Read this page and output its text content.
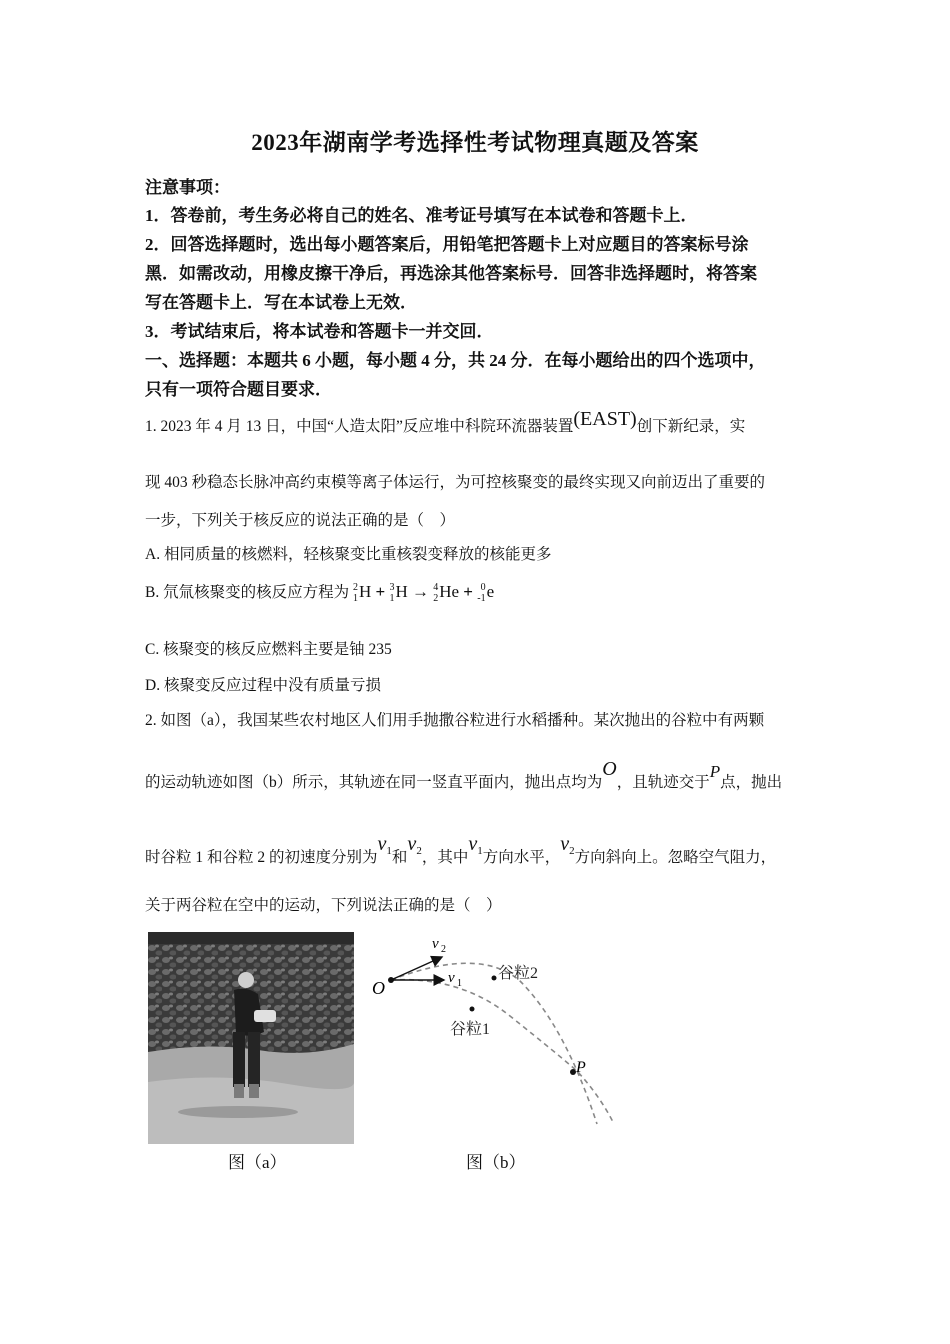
2023年湖南学考选择性考试物理真题及答案
注意事项：
1．答卷前，考生务必将自己的姓名、准考证号填写在本试卷和答题卡上．
2．回答选择题时，选出每小题答案后，用铅笔把答题卡上对应题目的答案标号涂
黑．如需改动，用橡皮擦干净后，再选涂其他答案标号．回答非选择题时，将答案
写在答题卡上．写在本试卷上无效．
3．考试结束后，将本试卷和答题卡一并交回．
一、选择题：本题共 6 小题，每小题 4 分，共 24 分．在每小题给出的四个选项中，
只有一项符合题目要求．
1. 2023 年 4 月 13 日，中国“人造太阳”反应堆中科院环流器装置(EAST)创下新纪录，实
现 403 秒稳态长脉冲高约束模等离子体运行，为可控核聚变的最终实现又向前迈出了重要的
一步，下列关于核反应的说法正确的是（　）
A. 相同质量的核燃料，轻核聚变比重核裂变释放的核能更多
B. 氘氚核聚变的核反应方程为 2
1 H + 3
1 H → 4
2 He + 0
-1 e
C. 核聚变的核反应燃料主要是铀 235
D. 核聚变反应过程中没有质量亏损
2. 如图（a），我国某些农村地区人们用手抛撒谷粒进行水稻播种。某次抛出的谷粒中有两颗
的运动轨迹如图（b）所示，其轨迹在同一竖直平面内，抛出点均为O，且轨迹交于P点，抛出
时谷粒 1 和谷粒 2 的初速度分别为$v_1$和$v_2$，其中$v_1$方向水平，$v_2$方向斜向上。忽略空气阻力，
关于两谷粒在空中的运动，下列说法正确的是（　）
图（a）
O
v 2
v 1
谷粒2
谷粒1
P
图（b）
